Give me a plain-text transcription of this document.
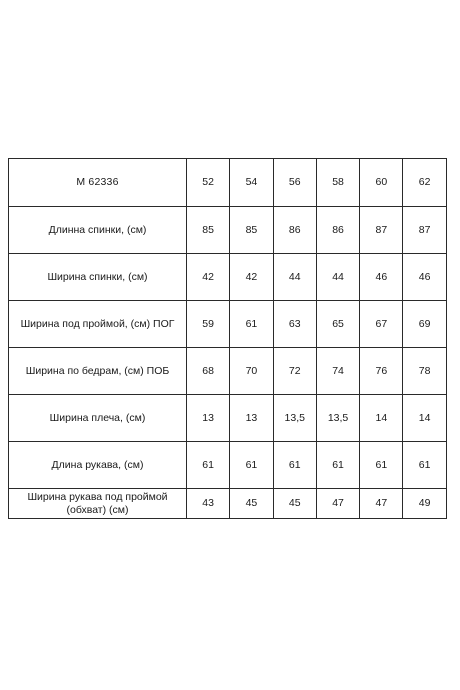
М 62336	52	54	56	58	60	62
Длинна спинки, (см)	85	85	86	86	87	87
Ширина спинки, (см)	42	42	44	44	46	46
Ширина под проймой, (см) ПОГ	59	61	63	65	67	69
Ширина по бедрам, (см) ПОБ	68	70	72	74	76	78
Ширина плеча, (см)	13	13	13,5	13,5	14	14
Длина рукава, (см)	61	61	61	61	61	61
Ширина рукава под проймой (обхват) (см)	43	45	45	47	47	49
